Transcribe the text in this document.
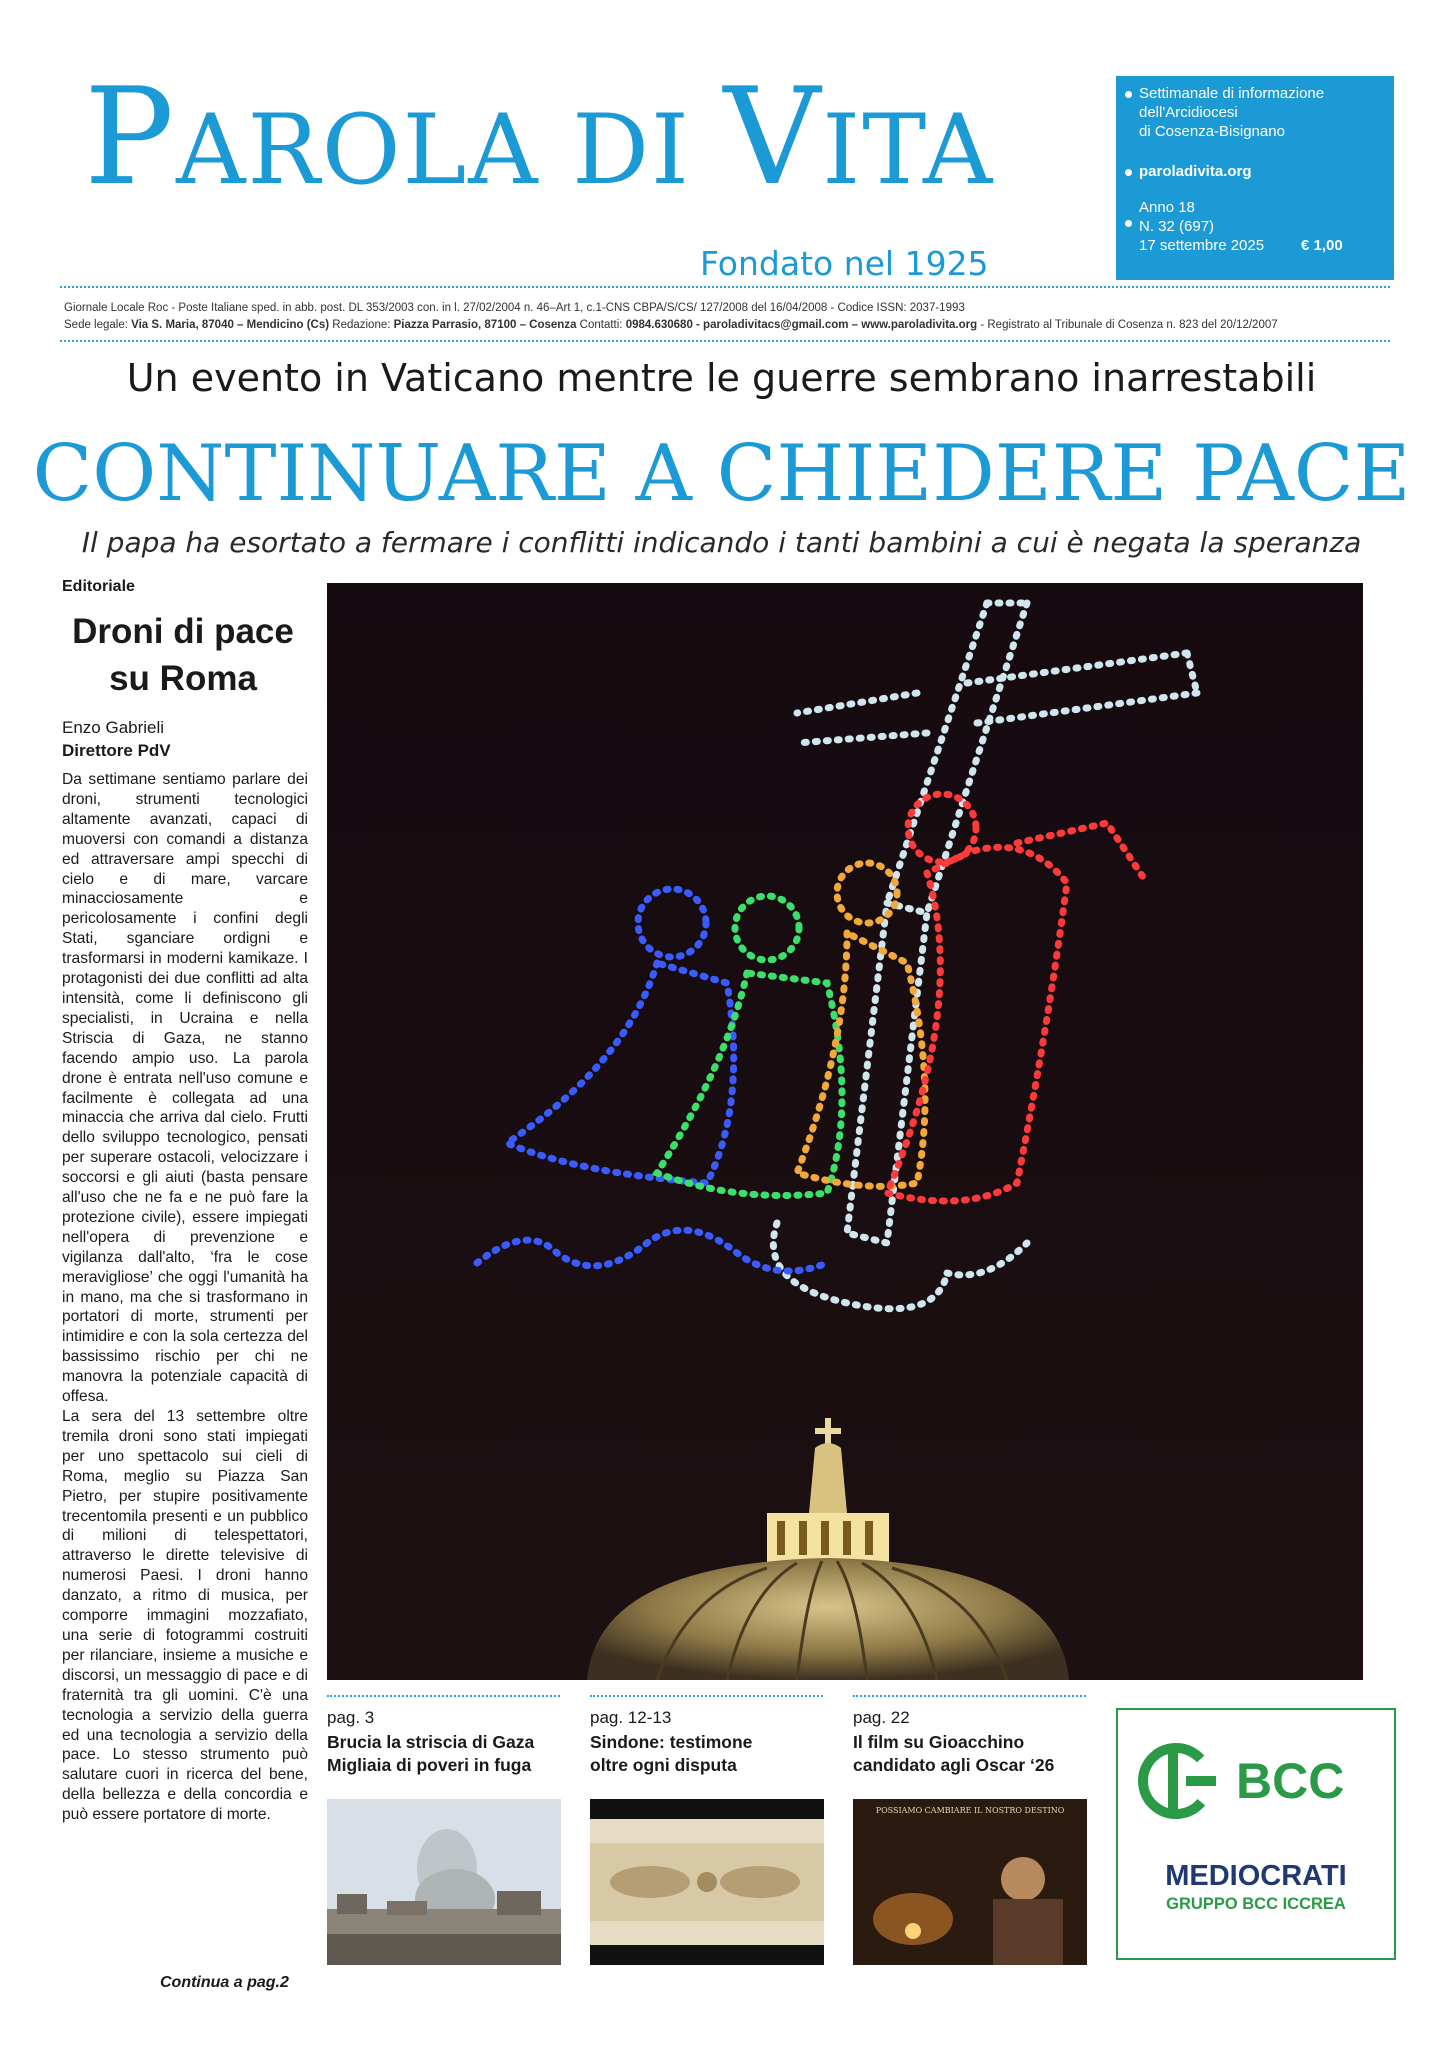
PAROLA DI VITA
Fondato nel 1925
Settimanale di informazione
dell'Arcidiocesi
di Cosenza-Bisignano
paroladivita.org
Anno 18
N. 32 (697)
17 settembre 2025 € 1,00
Giornale Locale Roc - Poste Italiane sped. in abb. post. DL 353/2003 con. in l. 27/02/2004 n. 46–Art 1, c.1-CNS CBPA/S/CS/ 127/2008 del 16/04/2008 - Codice ISSN: 2037-1993
Sede legale: Via S. Maria, 87040 – Mendicino (Cs) Redazione: Piazza Parrasio, 87100 – Cosenza Contatti: 0984.630680 - paroladivitacs@gmail.com – www.paroladivita.org - Registrato al Tribunale di Cosenza n. 823 del 20/12/2007
Un evento in Vaticano mentre le guerre sembrano inarrestabili
CONTINUARE A CHIEDERE PACE
Il papa ha esortato a fermare i conflitti indicando i tanti bambini a cui è negata la speranza
Editoriale
Droni di pace
su Roma
Enzo Gabrieli
Direttore PdV

Da settimane sentiamo parlare dei droni, strumenti tecnologici altamente avanzati, capaci di muoversi con comandi a distanza ed attraversare ampi specchi di cielo e di mare, varcare minacciosamente e pericolosamente i confini degli Stati, sganciare ordigni e trasformarsi in moderni kamikaze. I protagonisti dei due conflitti ad alta intensità, come li definiscono gli specialisti, in Ucraina e nella Striscia di Gaza, ne stanno facendo ampio uso. La parola drone è entrata nell'uso comune e facilmente è collegata ad una minaccia che arriva dal cielo. Frutti dello sviluppo tecnologico, pensati per superare ostacoli, velocizzare i soccorsi e gli aiuti (basta pensare all'uso che ne fa e ne può fare la protezione civile), essere impiegati nell'opera di prevenzione e vigilanza dall'alto, ‘fra le cose meravigliose’ che oggi l'umanità ha in mano, ma che si trasformano in portatori di morte, strumenti per intimidire e con la sola certezza del bassissimo rischio per chi ne manovra la potenziale capacità di offesa.

La sera del 13 settembre oltre tremila droni sono stati impiegati per uno spettacolo sui cieli di Roma, meglio su Piazza San Pietro, per stupire positivamente trecentomila presenti e un pubblico di milioni di telespettatori, attraverso le dirette televisive di numerosi Paesi. I droni hanno danzato, a ritmo di musica, per comporre immagini mozzafiato, una serie di fotogrammi costruiti per rilanciare, insieme a musiche e discorsi, un messaggio di pace e di fraternità tra gli uomini. C'è una tecnologia a servizio della guerra ed una tecnologia a servizio della pace. Lo stesso strumento può salutare cuori in ricerca del bene, della bellezza e della concordia e può essere portatore di morte.

Continua a pag.2
pag. 3
Brucia la striscia di Gaza
Migliaia di poveri in fuga
pag. 12-13
Sindone: testimone
oltre ogni disputa
pag. 22
Il film su Gioacchino
candidato agli Oscar ‘26
POSSIAMO CAMBIARE IL NOSTRO DESTINO
BCC
MEDIOCRATI
GRUPPO BCC ICCREA
